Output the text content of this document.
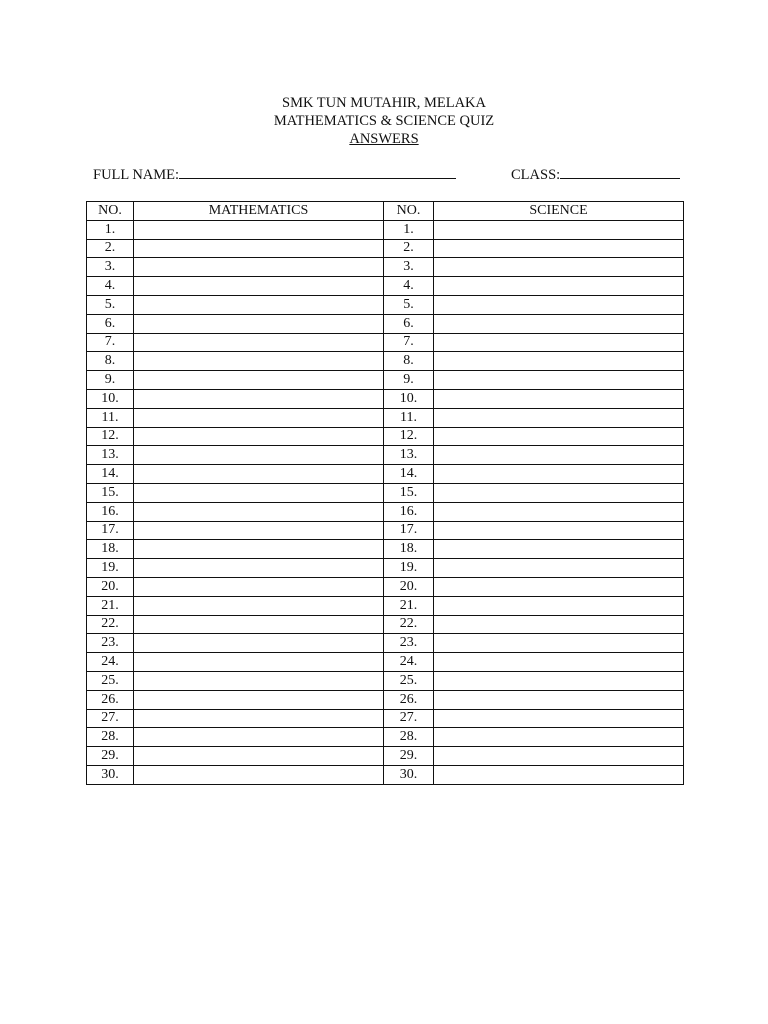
SMK TUN MUTAHIR, MELAKA
MATHEMATICS & SCIENCE QUIZ
ANSWERS
FULL NAME:	CLASS:
NO.	MATHEMATICS	NO.	SCIENCE
1.		1.	
2.		2.	
3.		3.	
4.		4.	
5.		5.	
6.		6.	
7.		7.	
8.		8.	
9.		9.	
10.		10.	
11.		11.	
12.		12.	
13.		13.	
14.		14.	
15.		15.	
16.		16.	
17.		17.	
18.		18.	
19.		19.	
20.		20.	
21.		21.	
22.		22.	
23.		23.	
24.		24.	
25.		25.	
26.		26.	
27.		27.	
28.		28.	
29.		29.	
30.		30.	
